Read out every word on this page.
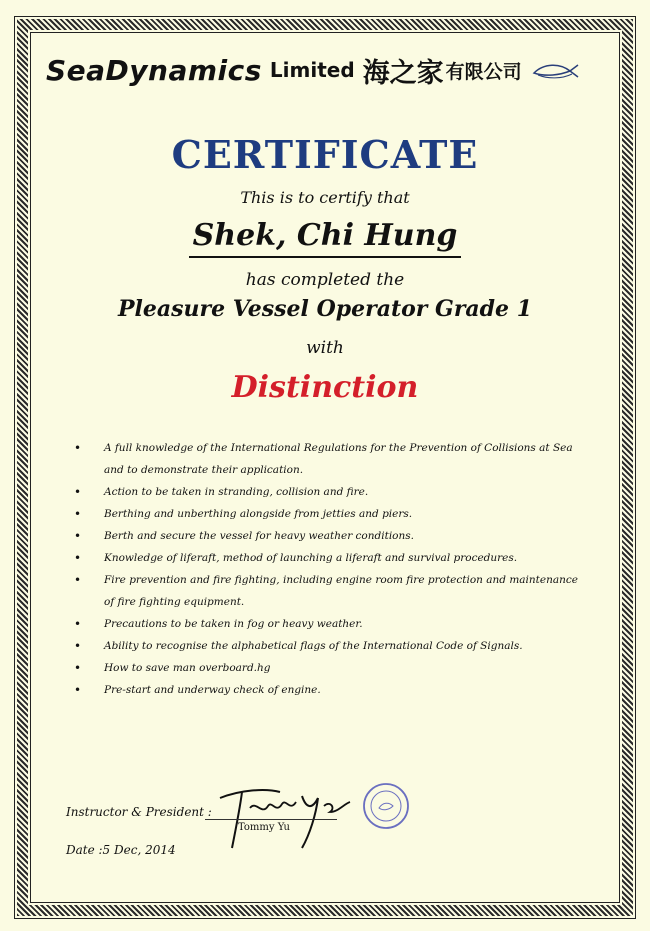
SeaDynamics Limited 海之家 有限公司
CERTIFICATE
This is to certify that
Shek, Chi Hung
has completed the
Pleasure Vessel Operator Grade 1
with
Distinction
• A full knowledge of the International Regulations for the Prevention of Collisions at Sea and to demonstrate their application.
• Action to be taken in stranding, collision and fire.
• Berthing and unberthing alongside from jetties and piers.
• Berth and secure the vessel for heavy weather conditions.
• Knowledge of liferaft, method of launching a liferaft and survival procedures.
• Fire prevention and fire fighting, including engine room fire protection and maintenance of fire fighting equipment.
• Precautions to be taken in fog or heavy weather.
• Ability to recognise the alphabetical flags of the International Code of Signals.
• How to save man overboard.hg
• Pre-start and underway check of engine.
Instructor & President :
Tommy Yu
Date :5 Dec, 2014
